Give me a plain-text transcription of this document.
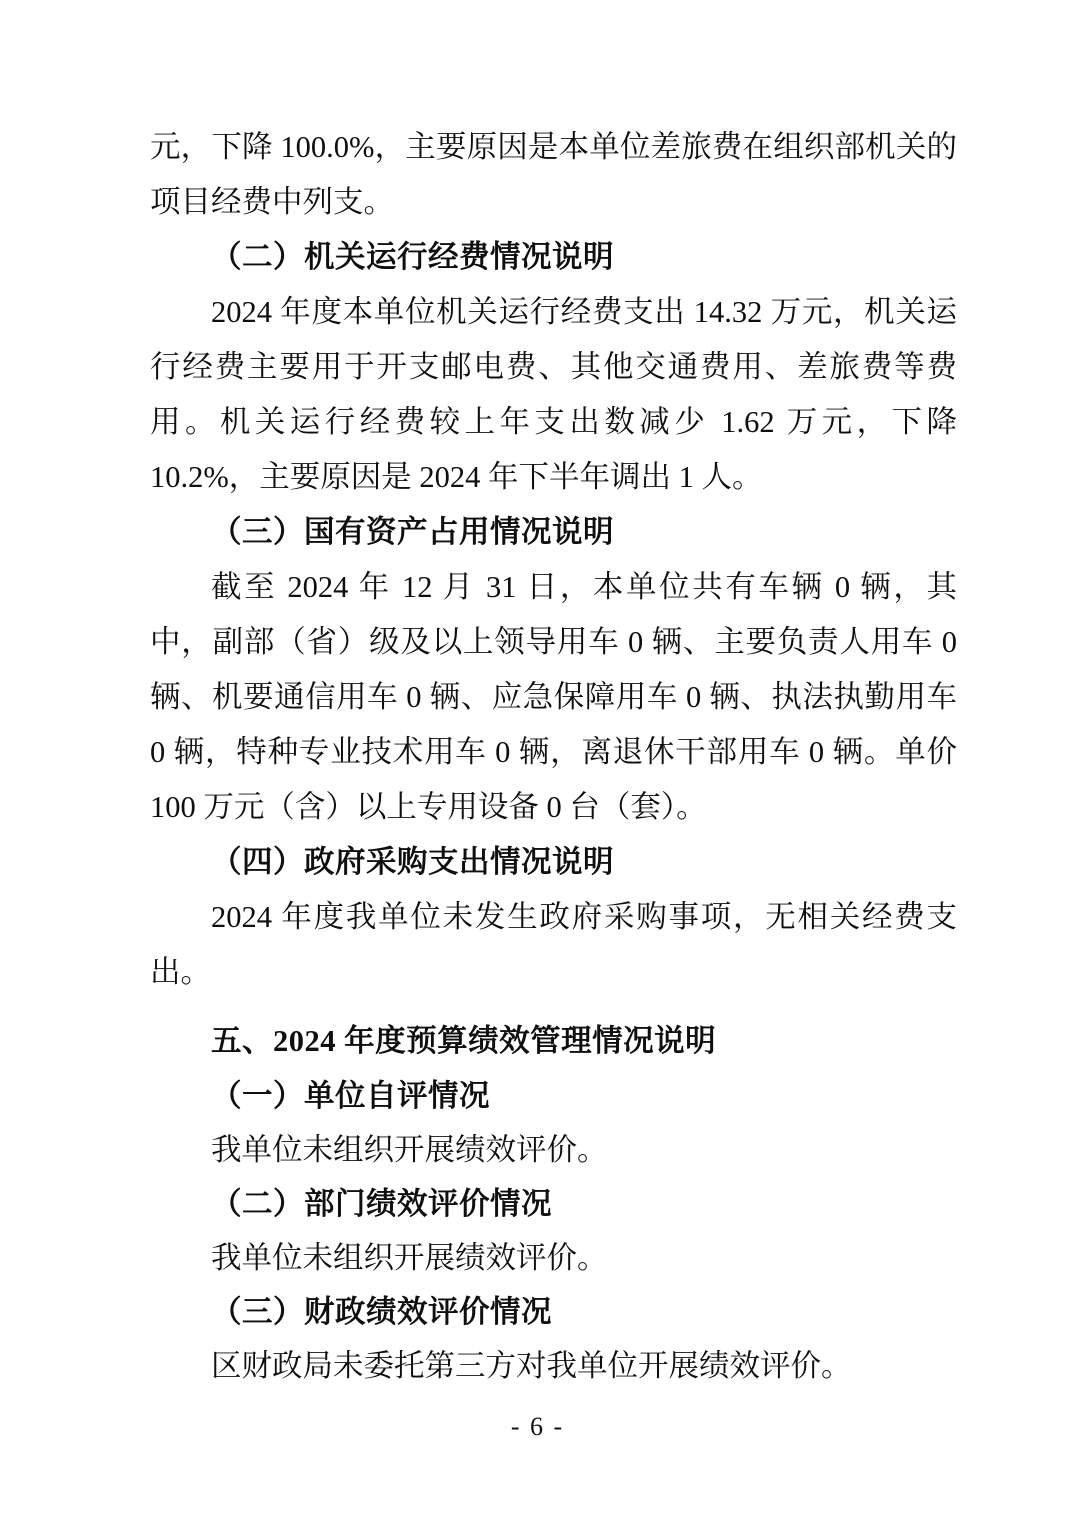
元，下降 100.0%，主要原因是本单位差旅费在组织部机关的项目经费中列支。

（二）机关运行经费情况说明

2024 年度本单位机关运行经费支出 14.32 万元，机关运行经费主要用于开支邮电费、其他交通费用、差旅费等费用。机关运行经费较上年支出数减少 1.62 万元，下降 10.2%，主要原因是 2024 年下半年调出 1 人。

（三）国有资产占用情况说明

截至 2024 年 12 月 31 日，本单位共有车辆 0 辆，其中，副部（省）级及以上领导用车 0 辆、主要负责人用车 0 辆、机要通信用车 0 辆、应急保障用车 0 辆、执法执勤用车 0 辆，特种专业技术用车 0 辆，离退休干部用车 0 辆。单价 100 万元（含）以上专用设备 0 台（套）。

（四）政府采购支出情况说明

2024 年度我单位未发生政府采购事项，无相关经费支出。

五、2024 年度预算绩效管理情况说明

（一）单位自评情况

我单位未组织开展绩效评价。

（二）部门绩效评价情况

我单位未组织开展绩效评价。

（三）财政绩效评价情况

区财政局未委托第三方对我单位开展绩效评价。

- 6 -
